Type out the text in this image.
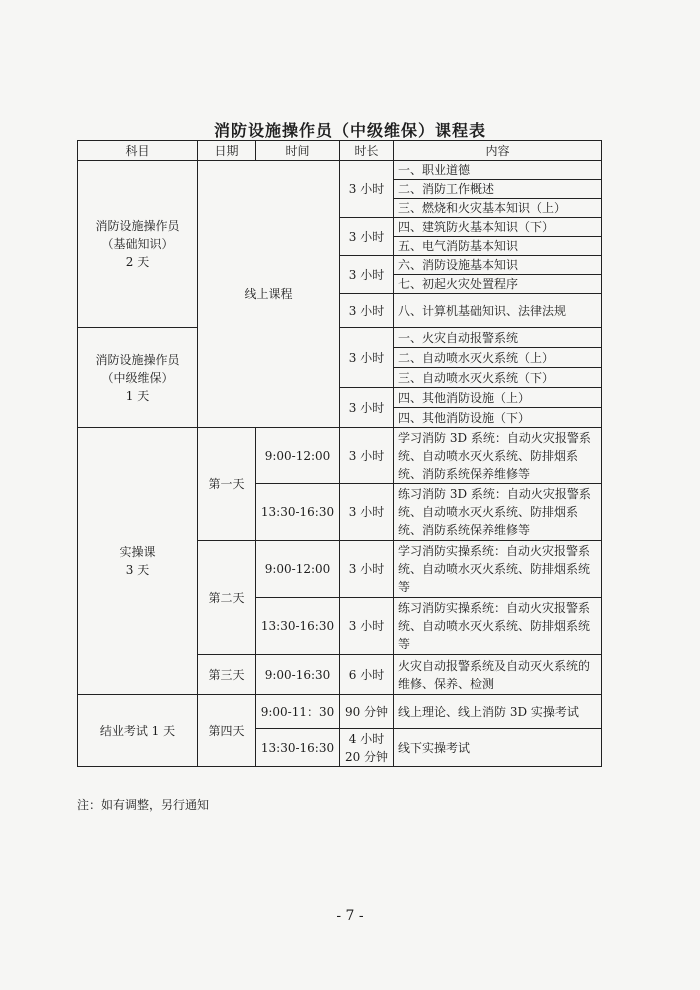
消防设施操作员（中级维保）课程表
科目	日期	时间	时长	内容

消防设施操作员
（基础知识）
2 天	线上课程		3 小时	一、职业道德
				二、消防工作概述
				三、燃烧和火灾基本知识（上）
			3 小时	四、建筑防火基本知识（下）
				五、电气消防基本知识
			3 小时	六、消防设施基本知识
				七、初起火灾处置程序
			3 小时	八、计算机基础知识、法律法规

消防设施操作员
（中级维保）
1 天			3 小时	一、火灾自动报警系统
				二、自动喷水灭火系统（上）
				三、自动喷水灭火系统（下）
			3 小时	四、其他消防设施（上）
				四、其他消防设施（下）

实操课
3 天	第一天	9:00-12:00	3 小时	学习消防 3D 系统：自动火灾报警系统、自动喷水灭火系统、防排烟系统、消防系统保养维修等
		13:30-16:30	3 小时	练习消防 3D 系统：自动火灾报警系统、自动喷水灭火系统、防排烟系统、消防系统保养维修等
	第二天	9:00-12:00	3 小时	学习消防实操系统：自动火灾报警系统、自动喷水灭火系统、防排烟系统等
		13:30-16:30	3 小时	练习消防实操系统：自动火灾报警系统、自动喷水灭火系统、防排烟系统等
	第三天	9:00-16:30	6 小时	火灾自动报警系统及自动灭火系统的维修、保养、检测
结业考试 1 天	第四天	9:00-11：30	90 分钟	线上理论、线上消防 3D 实操考试
		13:30-16:30	4 小时
20 分钟	线下实操考试
注：如有调整，另行通知
- 7 -
